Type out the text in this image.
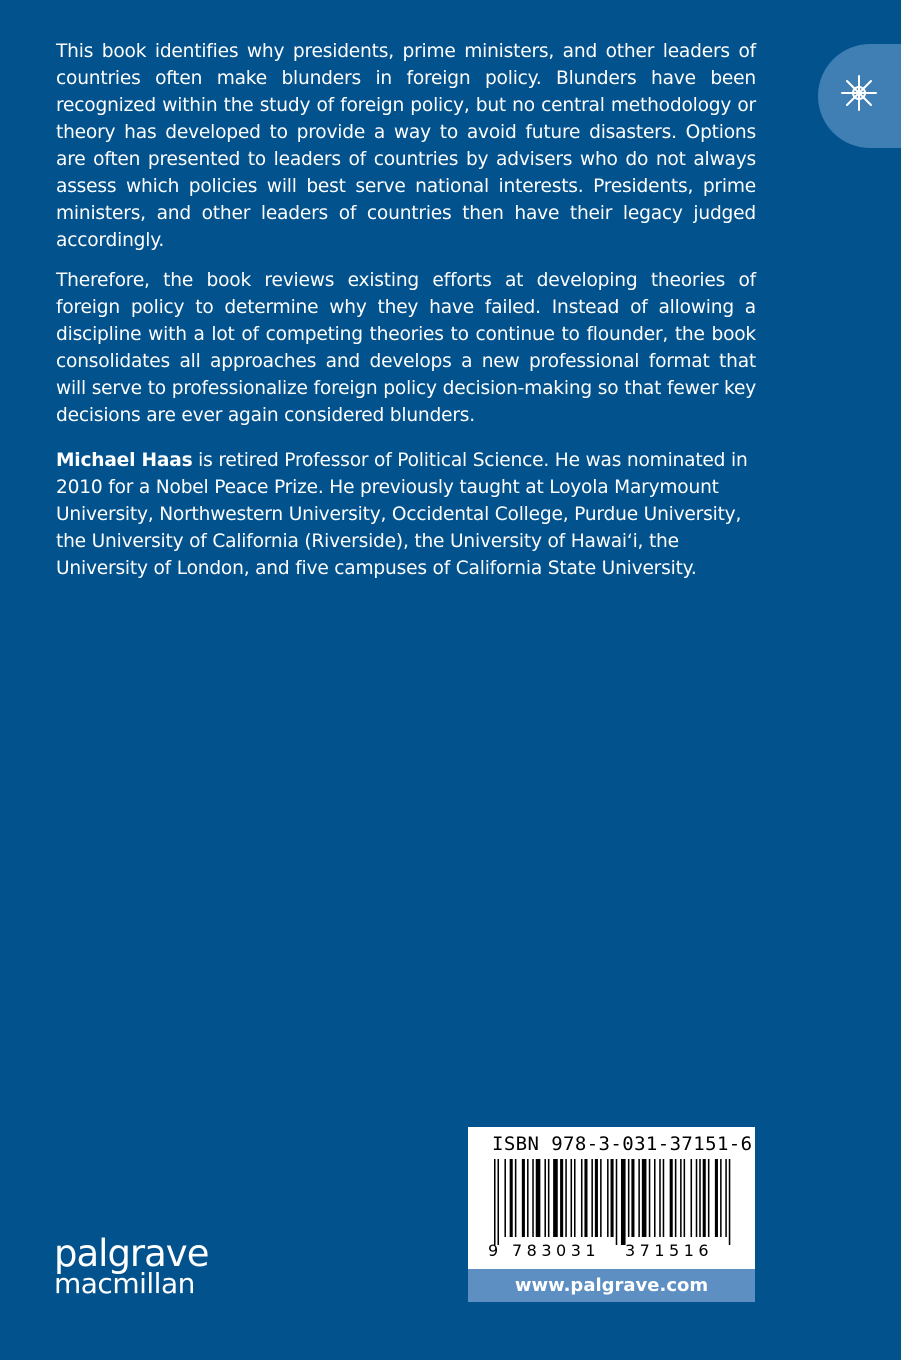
This book identifies why presidents, prime ministers, and other leaders of countries often make blunders in foreign policy. Blunders have been recognized within the study of foreign policy, but no central methodology or theory has developed to provide a way to avoid future disasters. Options are often presented to leaders of countries by advisers who do not always assess which policies will best serve national interests. Presidents, prime ministers, and other leaders of countries then have their legacy judged accordingly.

Therefore, the book reviews existing efforts at developing theories of foreign policy to determine why they have failed. Instead of allowing a discipline with a lot of competing theories to continue to flounder, the book consolidates all approaches and develops a new professional format that will serve to professionalize foreign policy decision-making so that fewer key decisions are ever again considered blunders.

Michael Haas is retired Professor of Political Science. He was nominated in 2010 for a Nobel Peace Prize. He previously taught at Loyola Marymount University, Northwestern University, Occidental College, Purdue University, the University of California (Riverside), the University of Hawaiʻi, the University of London, and five campuses of California State University.

palgrave
macmillan
ISBN 978-3-031-37151-6
9 783031 371516
www.palgrave.com
